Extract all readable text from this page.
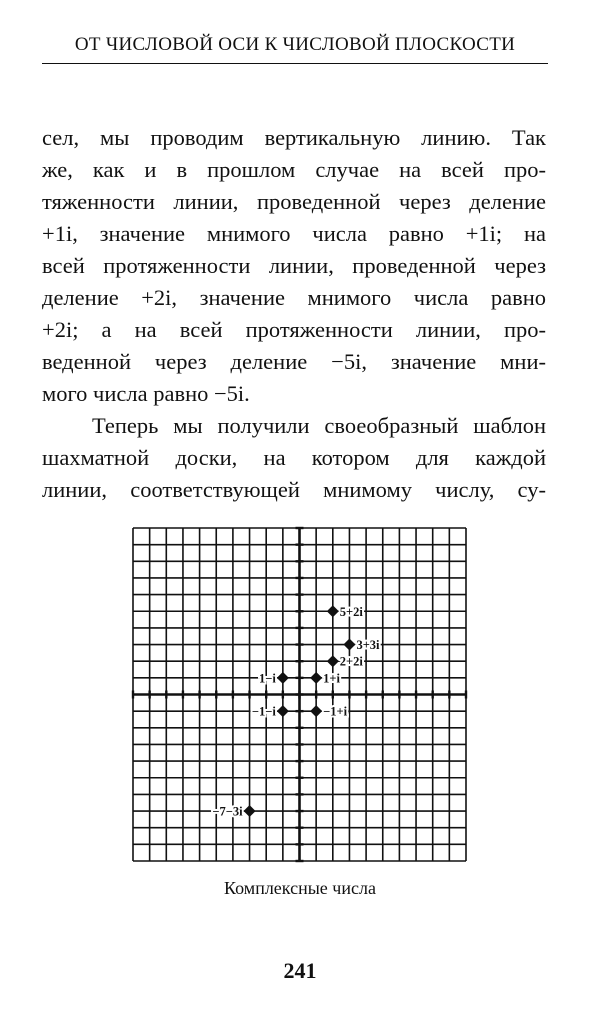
ОТ ЧИСЛОВОЙ ОСИ К ЧИСЛОВОЙ ПЛОСКОСТИ
сел, мы проводим вертикальную линию. Так
же, как и в прошлом случае на всей про-
тяженности линии, проведенной через деление
+1i, значение мнимого числа равно +1i; на
всей протяженности линии, проведенной через
деление +2i, значение мнимого числа равно
+2i; а на всей протяженности линии, про-
веденной через деление −5i, значение мни-
мого числа равно −5i.
Теперь мы получили своеобразный шаблон
шахматной доски, на котором для каждой
линии, соответствующей мнимому числу, су-
5+2i
3+3i
2+2i
1+i
1−i
−1−i	−1+i
−7−3i
Комплексные числа
241
